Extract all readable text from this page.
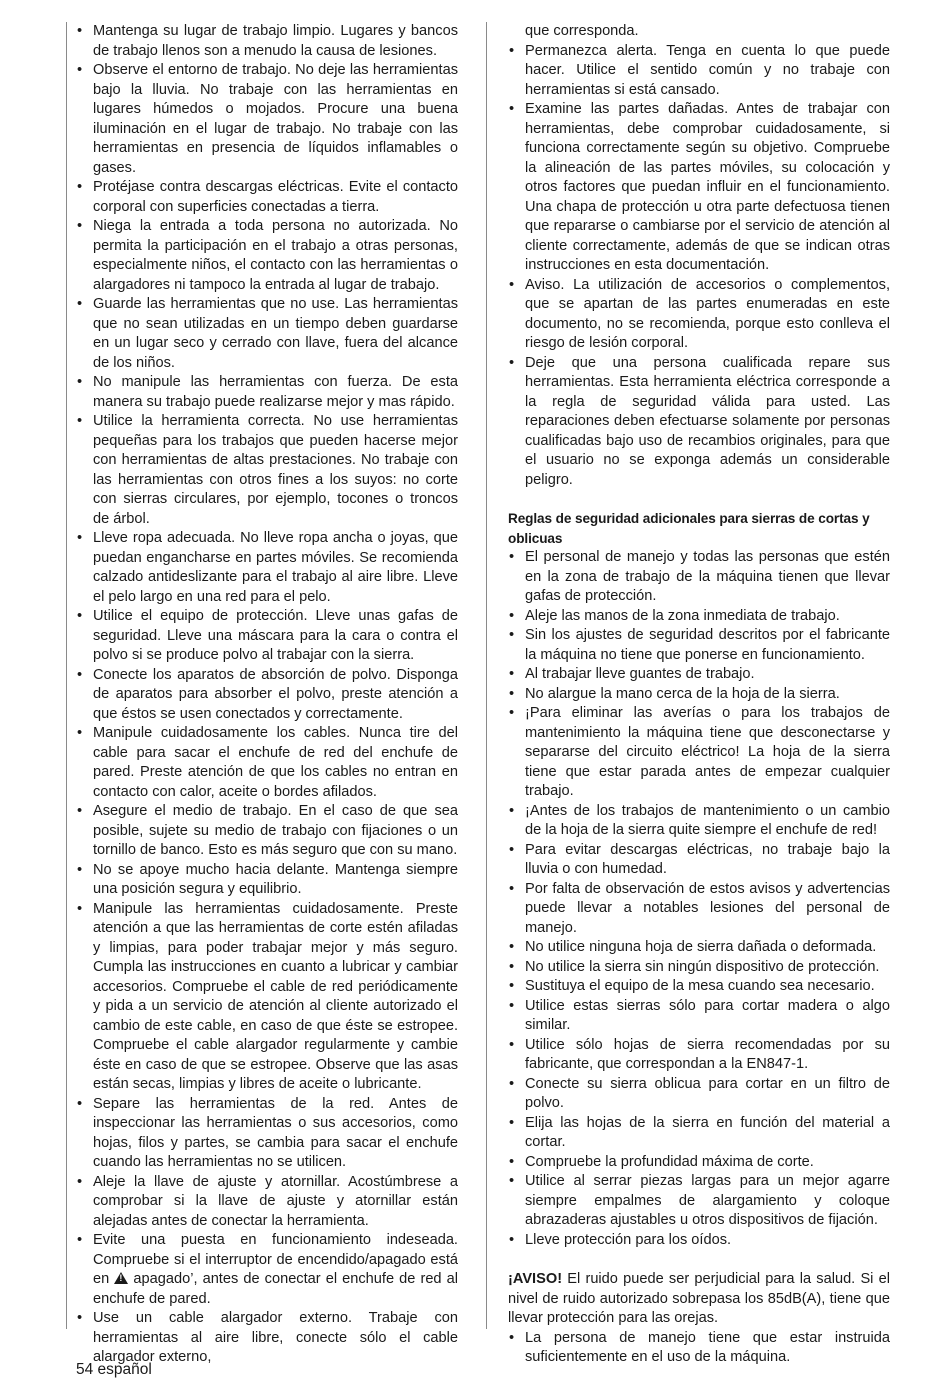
• Mantenga su lugar de trabajo limpio. Lugares y bancos de trabajo llenos son a menudo la causa de lesiones.
• Observe el entorno de trabajo. No deje las herramientas bajo la lluvia. No trabaje con las herramientas en lugares húmedos o mojados. Procure una buena iluminación en el lugar de trabajo. No trabaje con las herramientas en presencia de líquidos inflamables o gases.
• Protéjase contra descargas eléctricas. Evite el contacto corporal con superficies conectadas a tierra.
• Niega la entrada a toda persona no autorizada. No permita la participación en el trabajo a otras personas, especialmente niños, el contacto con las herramientas o alargadores ni tampoco la entrada al lugar de trabajo.
• Guarde las herramientas que no use. Las herramientas que no sean utilizadas en un tiempo deben guardarse en un lugar seco y cerrado con llave, fuera del alcance de los niños.
• No manipule las herramientas con fuerza. De esta manera su trabajo puede realizarse mejor y mas rápido.
• Utilice la herramienta correcta. No use herramientas pequeñas para los trabajos que pueden hacerse mejor con herramientas de altas prestaciones. No trabaje con las herramientas con otros fines a los suyos: no corte con sierras circulares, por ejemplo, tocones o troncos de árbol.
• Lleve ropa adecuada. No lleve ropa ancha o joyas, que puedan engancharse en partes móviles. Se recomienda calzado antideslizante para el trabajo al aire libre. Lleve el pelo largo en una red para el pelo.
• Utilice el equipo de protección. Lleve unas gafas de seguridad. Lleve una máscara para la cara o contra el polvo si se produce polvo al trabajar con la sierra.
• Conecte los aparatos de absorción de polvo. Disponga de aparatos para absorber el polvo, preste atención a que éstos se usen conectados y correctamente.
• Manipule cuidadosamente los cables. Nunca tire del cable para sacar el enchufe de red del enchufe de pared. Preste atención de que los cables no entran en contacto con calor, aceite o bordes afilados.
• Asegure el medio de trabajo. En el caso de que sea posible, sujete su medio de trabajo con fijaciones o un tornillo de banco. Esto es más seguro que con su mano.
• No se apoye mucho hacia delante. Mantenga siempre una posición segura y equilibrio.
• Manipule las herramientas cuidadosamente. Preste atención a que las herramientas de corte estén afiladas y limpias, para poder trabajar mejor y más seguro. Cumpla las instrucciones en cuanto a lubricar y cambiar accesorios. Compruebe el cable de red periódicamente y pida a un servicio de atención al cliente autorizado el cambio de este cable, en caso de que éste se estropee. Compruebe el cable alargador regularmente y cambie éste en caso de que se estropee. Observe que las asas están secas, limpias y libres de aceite o lubricante.
• Separe las herramientas de la red. Antes de inspeccionar las herramientas o sus accesorios, como hojas, filos y partes, se cambia para sacar el enchufe cuando las herramientas no se utilicen.
• Aleje la llave de ajuste y atornillar. Acostúmbrese a comprobar si la llave de ajuste y atornillar están alejadas antes de conectar la herramienta.
• Evite una puesta en funcionamiento indeseada. Compruebe si el interruptor de encendido/apagado está en ! apagado’, antes de conectar el enchufe de red al enchufe de pared.
• Use un cable alargador externo. Trabaje con herramientas al aire libre, conecte sólo el cable alargador externo,
que corresponda.
• Permanezca alerta. Tenga en cuenta lo que puede hacer. Utilice el sentido común y no trabaje con herramientas si está cansado.
• Examine las partes dañadas. Antes de trabajar con herramientas, debe comprobar cuidadosamente, si funciona correctamente según su objetivo. Compruebe la alineación de las partes móviles, su colocación y otros factores que puedan influir en el funcionamiento. Una chapa de protección u otra parte defectuosa tienen que repararse o cambiarse por el servicio de atención al cliente correctamente, además de que se indican otras instrucciones en esta documentación.
• Aviso. La utilización de accesorios o complementos, que se apartan de las partes enumeradas en este documento, no se recomienda, porque esto conlleva el riesgo de lesión corporal.
• Deje que una persona cualificada repare sus herramientas. Esta herramienta eléctrica corresponde a la regla de seguridad válida para usted. Las reparaciones deben efectuarse solamente por personas cualificadas bajo uso de recambios originales, para que el usuario no se exponga además un considerable peligro.
Reglas de seguridad adicionales para sierras de cortas y oblicuas
• El personal de manejo y todas las personas que estén en la zona de trabajo de la máquina tienen que llevar gafas de protección.
• Aleje las manos de la zona inmediata de trabajo.
• Sin los ajustes de seguridad descritos por el fabricante la máquina no tiene que ponerse en funcionamiento.
• Al trabajar lleve guantes de trabajo.
• No alargue la mano cerca de la hoja de la sierra.
• ¡Para eliminar las averías o para los trabajos de mantenimiento la máquina tiene que desconectarse y separarse del circuito eléctrico! La hoja de la sierra tiene que estar parada antes de empezar cualquier trabajo.
• ¡Antes de los trabajos de mantenimiento o un cambio de la hoja de la sierra quite siempre el enchufe de red!
• Para evitar descargas eléctricas, no trabaje bajo la lluvia o con humedad.
• Por falta de observación de estos avisos y advertencias puede llevar a notables lesiones del personal de manejo.
• No utilice ninguna hoja de sierra dañada o deformada.
• No utilice la sierra sin ningún dispositivo de protección.
• Sustituya el equipo de la mesa cuando sea necesario.
• Utilice estas sierras sólo para cortar madera o algo similar.
• Utilice sólo hojas de sierra recomendadas por su fabricante, que correspondan a la EN847-1.
• Conecte su sierra oblicua para cortar en un filtro de polvo.
• Elija las hojas de la sierra en función del material a cortar.
• Compruebe la profundidad máxima de corte.
• Utilice al serrar piezas largas para un mejor agarre siempre empalmes de alargamiento y coloque abrazaderas ajustables u otros dispositivos de fijación.
• Lleve protección para los oídos.
¡AVISO! El ruido puede ser perjudicial para la salud. Si el nivel de ruido autorizado sobrepasa los 85dB(A), tiene que llevar protección para las orejas.
• La persona de manejo tiene que estar instruida suficientemente en el uso de la máquina.
54 español
